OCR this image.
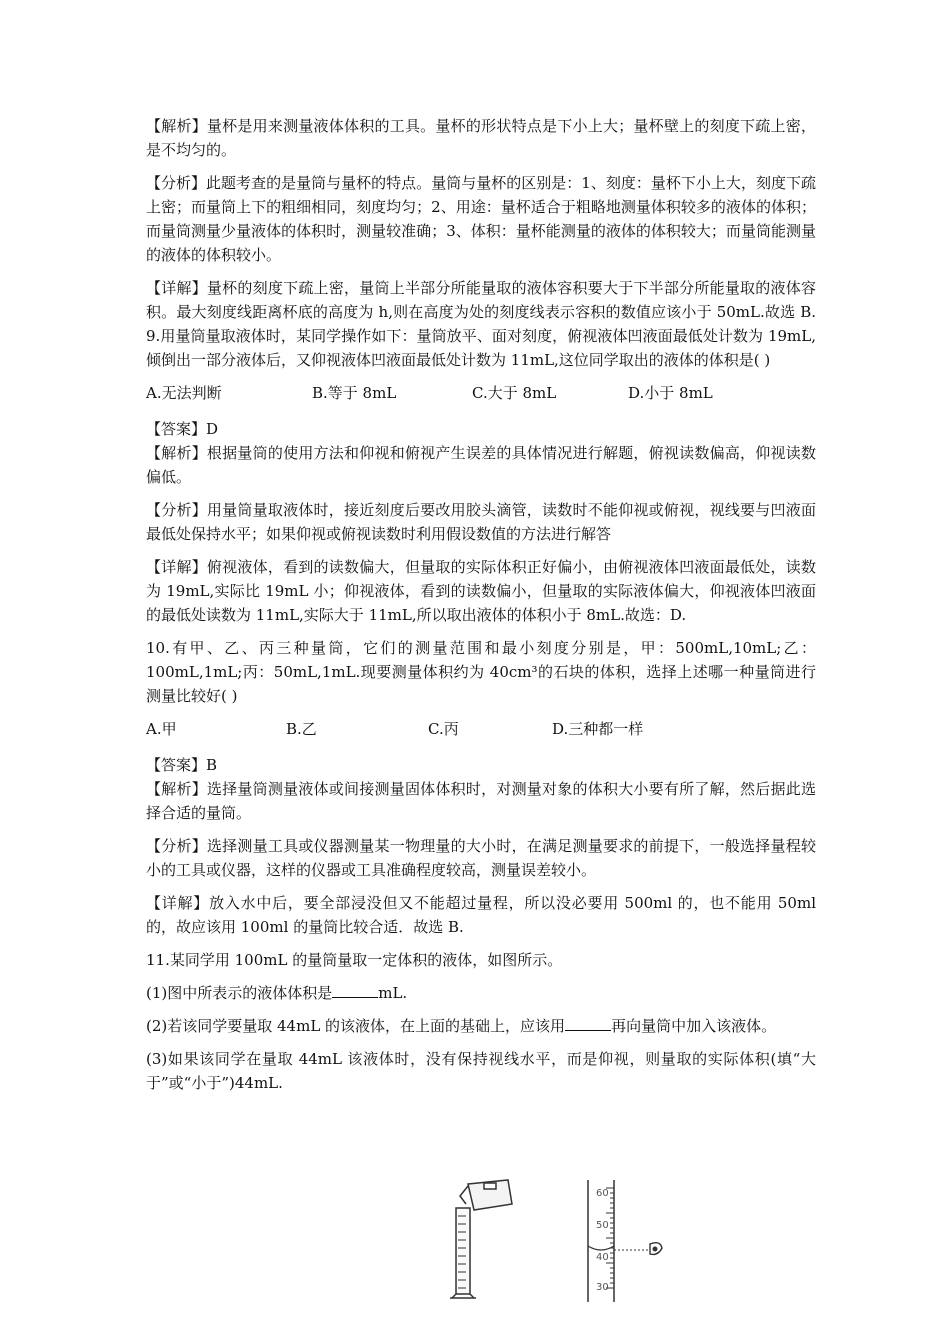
【解析】量杯是用来测量液体体积的工具。量杯的形状特点是下小上大；量杯壁上的刻度下疏上密，是不均匀的。

【分析】此题考查的是量筒与量杯的特点。量筒与量杯的区别是：1、刻度：量杯下小上大，刻度下疏上密；而量筒上下的粗细相同，刻度均匀；2、用途：量杯适合于粗略地测量体积较多的液体的体积；而量筒测量少量液体的体积时，测量较准确；3、体积：量杯能测量的液体的体积较大；而量筒能测量的液体的体积较小。

【详解】量杯的刻度下疏上密，量筒上半部分所能量取的液体容积要大于下半部分所能量取的液体容积。最大刻度线距离杯底的高度为 h,则在高度为处的刻度线表示容积的数值应该小于 50mL.故选 B. 9.用量筒量取液体时，某同学操作如下：量筒放平、面对刻度，俯视液体凹液面最低处计数为 19mL,倾倒出一部分液体后，又仰视液体凹液面最低处计数为 11mL,这位同学取出的液体的体积是( )

A.无法判断	B.等于 8mL	C.大于 8mL	D.小于 8mL

【答案】D

【解析】根据量筒的使用方法和仰视和俯视产生误差的具体情况进行解题，俯视读数偏高，仰视读数偏低。

【分析】用量筒量取液体时，接近刻度后要改用胶头滴管，读数时不能仰视或俯视，视线要与凹液面最低处保持水平；如果仰视或俯视读数时利用假设数值的方法进行解答

【详解】俯视液体，看到的读数偏大，但量取的实际体积正好偏小，由俯视液体凹液面最低处，读数为 19mL,实际比 19mL 小；仰视液体，看到的读数偏小，但量取的实际液体偏大，仰视液体凹液面的最低处读数为 11mL,实际大于 11mL,所以取出液体的体积小于 8mL.故选：D.

10.有甲、乙、丙三种量筒，它们的测量范围和最小刻度分别是，甲：500mL,10mL;乙：100mL,1mL;丙：50mL,1mL.现要测量体积约为 40cm³的石块的体积，选择上述哪一种量筒进行测量比较好( )

A.甲	B.乙	C.丙	D.三种都一样

【答案】B

【解析】选择量筒测量液体或间接测量固体体积时，对测量对象的体积大小要有所了解，然后据此选择合适的量筒。

【分析】选择测量工具或仪器测量某一物理量的大小时，在满足测量要求的前提下，一般选择量程较小的工具或仪器，这样的仪器或工具准确程度较高，测量误差较小。

【详解】放入水中后，要全部浸没但又不能超过量程，所以没必要用 500ml 的，也不能用 50ml 的，故应该用 100ml 的量筒比较合适．故选 B.

11.某同学用 100mL 的量筒量取一定体积的液体，如图所示。

(1)图中所表示的液体体积是	mL.

(2)若该同学要量取 44mL 的该液体，在上面的基础上，应该用	再向量筒中加入该液体。

(3)如果该同学在量取 44mL 该液体时，没有保持视线水平，而是仰视，则量取的实际体积(填“大于”或“小于”)44mL.

60
50
40
30
